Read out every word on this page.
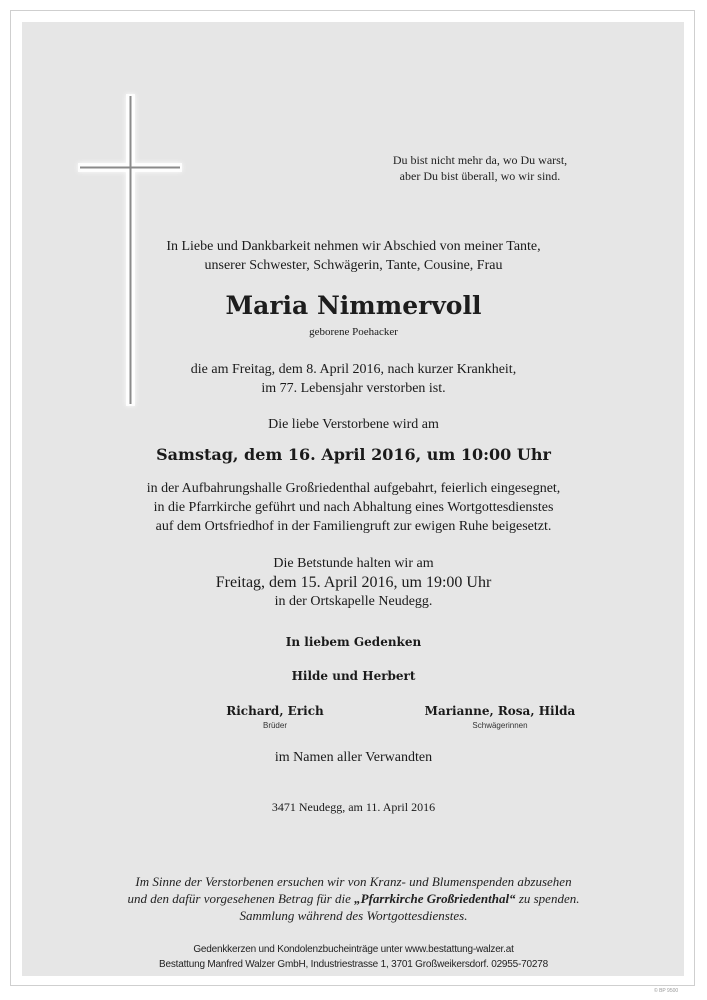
Du bist nicht mehr da, wo Du warst,
aber Du bist überall, wo wir sind.
In Liebe und Dankbarkeit nehmen wir Abschied von meiner Tante,
unserer Schwester, Schwägerin, Tante, Cousine, Frau
Maria Nimmervoll
geborene Poehacker
die am Freitag, dem 8. April 2016, nach kurzer Krankheit,
im 77. Lebensjahr verstorben ist.
Die liebe Verstorbene wird am
Samstag, dem 16. April 2016, um 10:00 Uhr
in der Aufbahrungshalle Großriedenthal aufgebahrt, feierlich eingesegnet,
in die Pfarrkirche geführt und nach Abhaltung eines Wortgottesdienstes
auf dem Ortsfriedhof in der Familiengruft zur ewigen Ruhe beigesetzt.
Die Betstunde halten wir am
Freitag, dem 15. April 2016, um 19:00 Uhr
in der Ortskapelle Neudegg.
In liebem Gedenken
Hilde und Herbert
Richard, Erich
Brüder
Marianne, Rosa, Hilda
Schwägerinnen
im Namen aller Verwandten
3471 Neudegg, am 11. April 2016
Im Sinne der Verstorbenen ersuchen wir von Kranz- und Blumenspenden abzusehen
und den dafür vorgesehenen Betrag für die „Pfarrkirche Großriedenthal“ zu spenden.
Sammlung während des Wortgottesdienstes.
Gedenkkerzen und Kondolenzbucheinträge unter www.bestattung-walzer.at
Bestattung Manfred Walzer GmbH, Industriestrasse 1, 3701 Großweikersdorf. 02955-70278
© BP 9500
